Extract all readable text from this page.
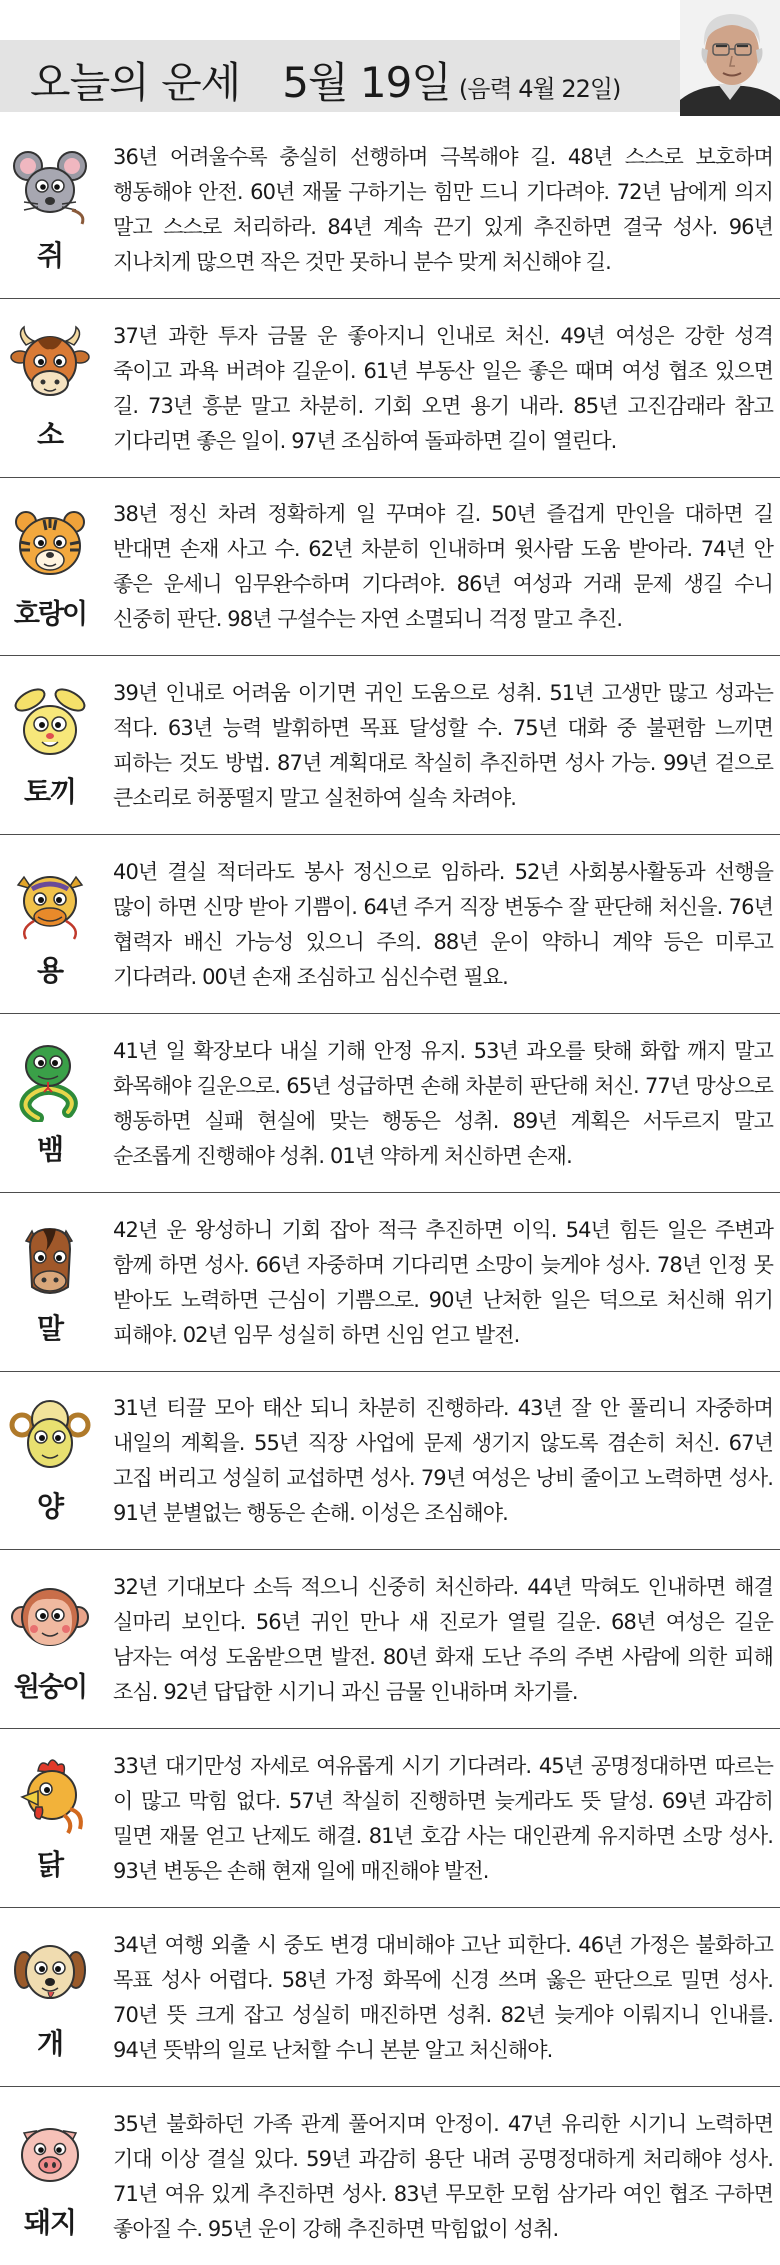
오늘의 운세 5월 19일 (음력 4월 22일)
쥐
36년 어려울수록 충실히 선행하며 극복해야 길. 48년 스스로 보호하며 행동해야 안전. 60년 재물 구하기는 힘만 드니 기다려야. 72년 남에게 의지 말고 스스로 처리하라. 84년 계속 끈기 있게 추진하면 결국 성사. 96년 지나치게 많으면 작은 것만 못하니 분수 맞게 처신해야 길.
소
37년 과한 투자 금물 운 좋아지니 인내로 처신. 49년 여성은 강한 성격 죽이고 과욕 버려야 길운이. 61년 부동산 일은 좋은 때며 여성 협조 있으면 길. 73년 흥분 말고 차분히. 기회 오면 용기 내라. 85년 고진감래라 참고 기다리면 좋은 일이. 97년 조심하여 돌파하면 길이 열린다.
호랑이
38년 정신 차려 정확하게 일 꾸며야 길. 50년 즐겁게 만인을 대하면 길 반대면 손재 사고 수. 62년 차분히 인내하며 윗사람 도움 받아라. 74년 안 좋은 운세니 임무완수하며 기다려야. 86년 여성과 거래 문제 생길 수니 신중히 판단. 98년 구설수는 자연 소멸되니 걱정 말고 추진.
토끼
39년 인내로 어려움 이기면 귀인 도움으로 성취. 51년 고생만 많고 성과는 적다. 63년 능력 발휘하면 목표 달성할 수. 75년 대화 중 불편함 느끼면 피하는 것도 방법. 87년 계획대로 착실히 추진하면 성사 가능. 99년 겉으로 큰소리로 허풍떨지 말고 실천하여 실속 차려야.
용
40년 결실 적더라도 봉사 정신으로 임하라. 52년 사회봉사활동과 선행을 많이 하면 신망 받아 기쁨이. 64년 주거 직장 변동수 잘 판단해 처신을. 76년 협력자 배신 가능성 있으니 주의. 88년 운이 약하니 계약 등은 미루고 기다려라. 00년 손재 조심하고 심신수련 필요.
뱀
41년 일 확장보다 내실 기해 안정 유지. 53년 과오를 탓해 화합 깨지 말고 화목해야 길운으로. 65년 성급하면 손해 차분히 판단해 처신. 77년 망상으로 행동하면 실패 현실에 맞는 행동은 성취. 89년 계획은 서두르지 말고 순조롭게 진행해야 성취. 01년 약하게 처신하면 손재.
말
42년 운 왕성하니 기회 잡아 적극 추진하면 이익. 54년 힘든 일은 주변과 함께 하면 성사. 66년 자중하며 기다리면 소망이 늦게야 성사. 78년 인정 못 받아도 노력하면 근심이 기쁨으로. 90년 난처한 일은 덕으로 처신해 위기 피해야. 02년 임무 성실히 하면 신임 얻고 발전.
양
31년 티끌 모아 태산 되니 차분히 진행하라. 43년 잘 안 풀리니 자중하며 내일의 계획을. 55년 직장 사업에 문제 생기지 않도록 겸손히 처신. 67년 고집 버리고 성실히 교섭하면 성사. 79년 여성은 낭비 줄이고 노력하면 성사. 91년 분별없는 행동은 손해. 이성은 조심해야.
원숭이
32년 기대보다 소득 적으니 신중히 처신하라. 44년 막혀도 인내하면 해결 실마리 보인다. 56년 귀인 만나 새 진로가 열릴 길운. 68년 여성은 길운 남자는 여성 도움받으면 발전. 80년 화재 도난 주의 주변 사람에 의한 피해 조심. 92년 답답한 시기니 과신 금물 인내하며 차기를.
닭
33년 대기만성 자세로 여유롭게 시기 기다려라. 45년 공명정대하면 따르는 이 많고 막힘 없다. 57년 착실히 진행하면 늦게라도 뜻 달성. 69년 과감히 밀면 재물 얻고 난제도 해결. 81년 호감 사는 대인관계 유지하면 소망 성사. 93년 변동은 손해 현재 일에 매진해야 발전.
개
34년 여행 외출 시 중도 변경 대비해야 고난 피한다. 46년 가정은 불화하고 목표 성사 어렵다. 58년 가정 화목에 신경 쓰며 옳은 판단으로 밀면 성사. 70년 뜻 크게 잡고 성실히 매진하면 성취. 82년 늦게야 이뤄지니 인내를. 94년 뜻밖의 일로 난처할 수니 본분 알고 처신해야.
돼지
35년 불화하던 가족 관계 풀어지며 안정이. 47년 유리한 시기니 노력하면 기대 이상 결실 있다. 59년 과감히 용단 내려 공명정대하게 처리해야 성사. 71년 여유 있게 추진하면 성사. 83년 무모한 모험 삼가라 여인 협조 구하면 좋아질 수. 95년 운이 강해 추진하면 막힘없이 성취.
